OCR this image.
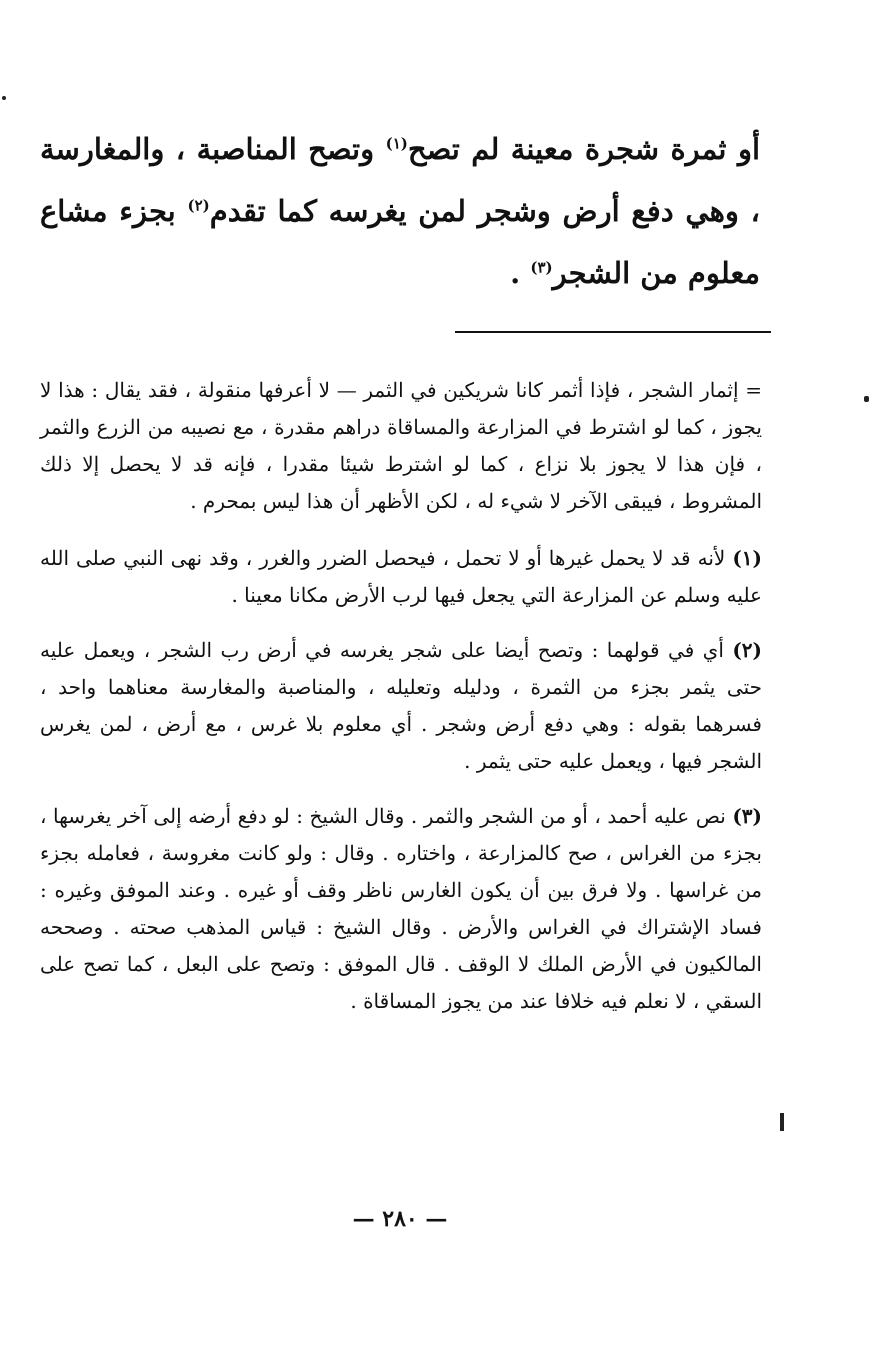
أو ثمرة شجرة معينة لم تصح$^{(١)}$ وتصح المناصبة ، والمغارسة ، وهي دفع أرض وشجر لمن يغرسه كما تقدم$^{(٢)}$ بجزء مشاع معلوم من الشجر$^{(٣)}$ .

= إثمار الشجر ، فإذا أثمر كانا شريكين في الثمر — لا أعرفها منقولة ، فقد يقال : هذا لا يجوز ، كما لو اشترط في المزارعة والمساقاة دراهم مقدرة ، مع نصيبه من الزرع والثمر ، فإن هذا لا يجوز بلا نزاع ، كما لو اشترط شيئا مقدرا ، فإنه قد لا يحصل إلا ذلك المشروط ، فيبقى الآخر لا شيء له ، لكن الأظهر أن هذا ليس بمحرم .

(١) لأنه قد لا يحمل غيرها أو لا تحمل ، فيحصل الضرر والغرر ، وقد نهى النبي صلى الله عليه وسلم عن المزارعة التي يجعل فيها لرب الأرض مكانا معينا .

(٢) أي في قولهما : وتصح أيضا على شجر يغرسه في أرض رب الشجر ، ويعمل عليه حتى يثمر بجزء من الثمرة ، ودليله وتعليله ، والمناصبة والمغارسة معناهما واحد ، فسرهما بقوله : وهي دفع أرض وشجر . أي معلوم بلا غرس ، مع أرض ، لمن يغرس الشجر فيها ، ويعمل عليه حتى يثمر .

(٣) نص عليه أحمد ، أو من الشجر والثمر . وقال الشيخ : لو دفع أرضه إلى آخر يغرسها ، بجزء من الغراس ، صح كالمزارعة ، واختاره . وقال : ولو كانت مغروسة ، فعامله بجزء من غراسها . ولا فرق بين أن يكون الغارس ناظر وقف أو غيره . وعند الموفق وغيره : فساد الإشتراك في الغراس والأرض . وقال الشيخ : قياس المذهب صحته . وصححه المالكيون في الأرض الملك لا الوقف . قال الموفق : وتصح على البعل ، كما تصح على السقي ، لا نعلم فيه خلافا عند من يجوز المساقاة .

— ٢٨٠ —
